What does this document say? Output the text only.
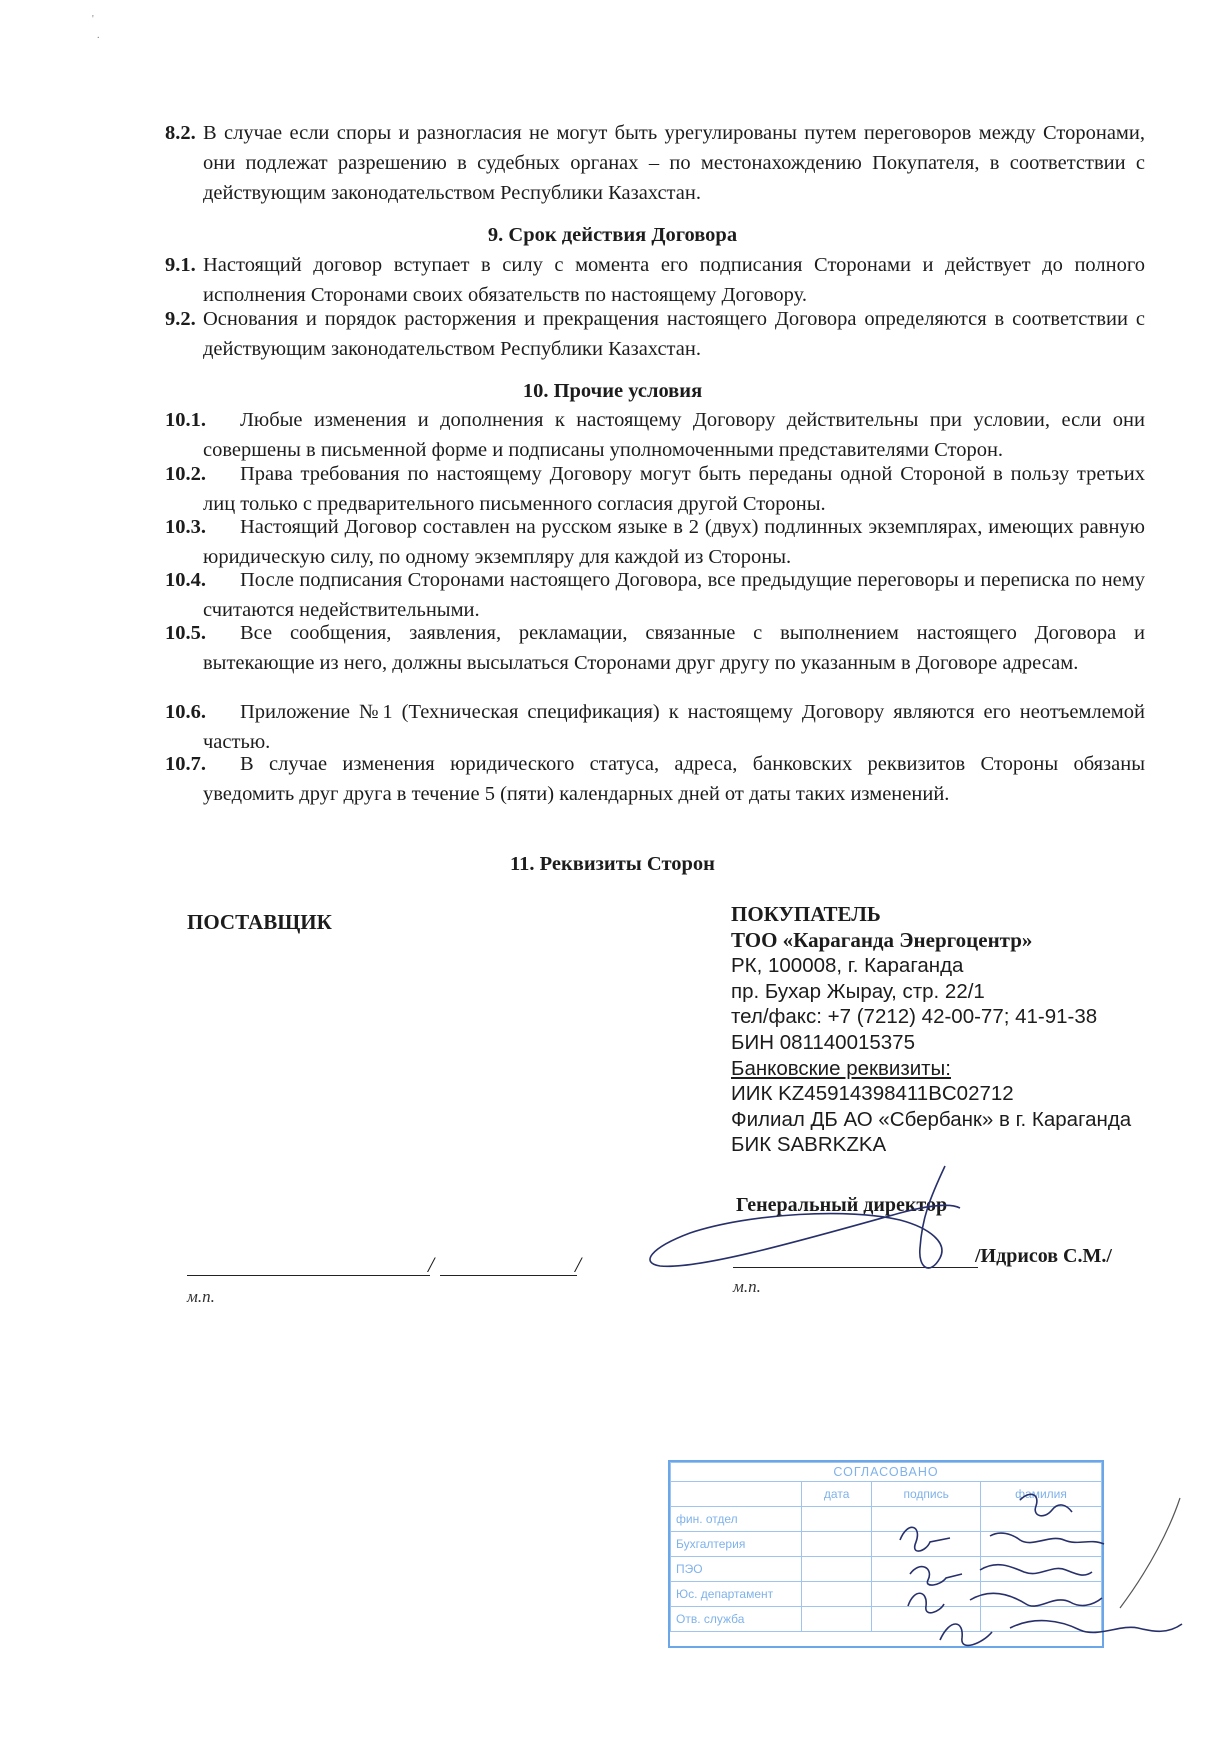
'
.
8.2. В случае если споры и разногласия не могут быть урегулированы путем переговоров между Сторонами, они подлежат разрешению в судебных органах – по местонахождению Покупателя, в соответствии с действующим законодательством Республики Казахстан.
9. Срок действия Договора
9.1. Настоящий договор вступает в силу с момента его подписания Сторонами и действует до полного исполнения Сторонами своих обязательств по настоящему Договору.
9.2. Основания и порядок расторжения и прекращения настоящего Договора определяются в соответствии с действующим законодательством Республики Казахстан.
10. Прочие условия
10.1.	Любые изменения и дополнения к настоящему Договору действительны при условии, если они совершены в письменной форме и подписаны уполномоченными представителями Сторон.
10.2.	Права требования по настоящему Договору могут быть переданы одной Стороной в пользу третьих лиц только с предварительного письменного согласия другой Стороны.
10.3.	Настоящий Договор составлен на русском языке в 2 (двух) подлинных экземплярах, имеющих равную юридическую силу, по одному экземпляру для каждой из Стороны.
10.4.	После подписания Сторонами настоящего Договора, все предыдущие переговоры и переписка по нему считаются недействительными.
10.5.	Все сообщения, заявления, рекламации, связанные с выполнением настоящего Договора и вытекающие из него, должны высылаться Сторонами друг другу по указанным в Договоре адресам.
10.6.	Приложение №1 (Техническая спецификация) к настоящему Договору являются его неотъемлемой частью.
10.7.	В случае изменения юридического статуса, адреса, банковских реквизитов Стороны обязаны уведомить друг друга в течение 5 (пяти) календарных дней от даты таких изменений.
11. Реквизиты Сторон
ПОСТАВЩИК
/	/
м.п.
ПОКУПАТЕЛЬ
ТОО «Караганда Энергоцентр»
РК, 100008, г. Караганда
пр. Бухар Жырау, стр. 22/1
тел/факс: +7 (7212) 42-00-77; 41-91-38
БИН 081140015375
Банковские реквизиты:
ИИК KZ45914398411BC02712
Филиал ДБ АО «Сбербанк» в г. Караганда
БИК SABRKZKA
Генеральный директор
/Идрисов С.М./
м.п.
СОГЛАСОВАНО			
	дата	подпись	фамилия
фин. отдел			
Бухгалтерия			
ПЭО			
Юс. департамент			
Отв. служба			
